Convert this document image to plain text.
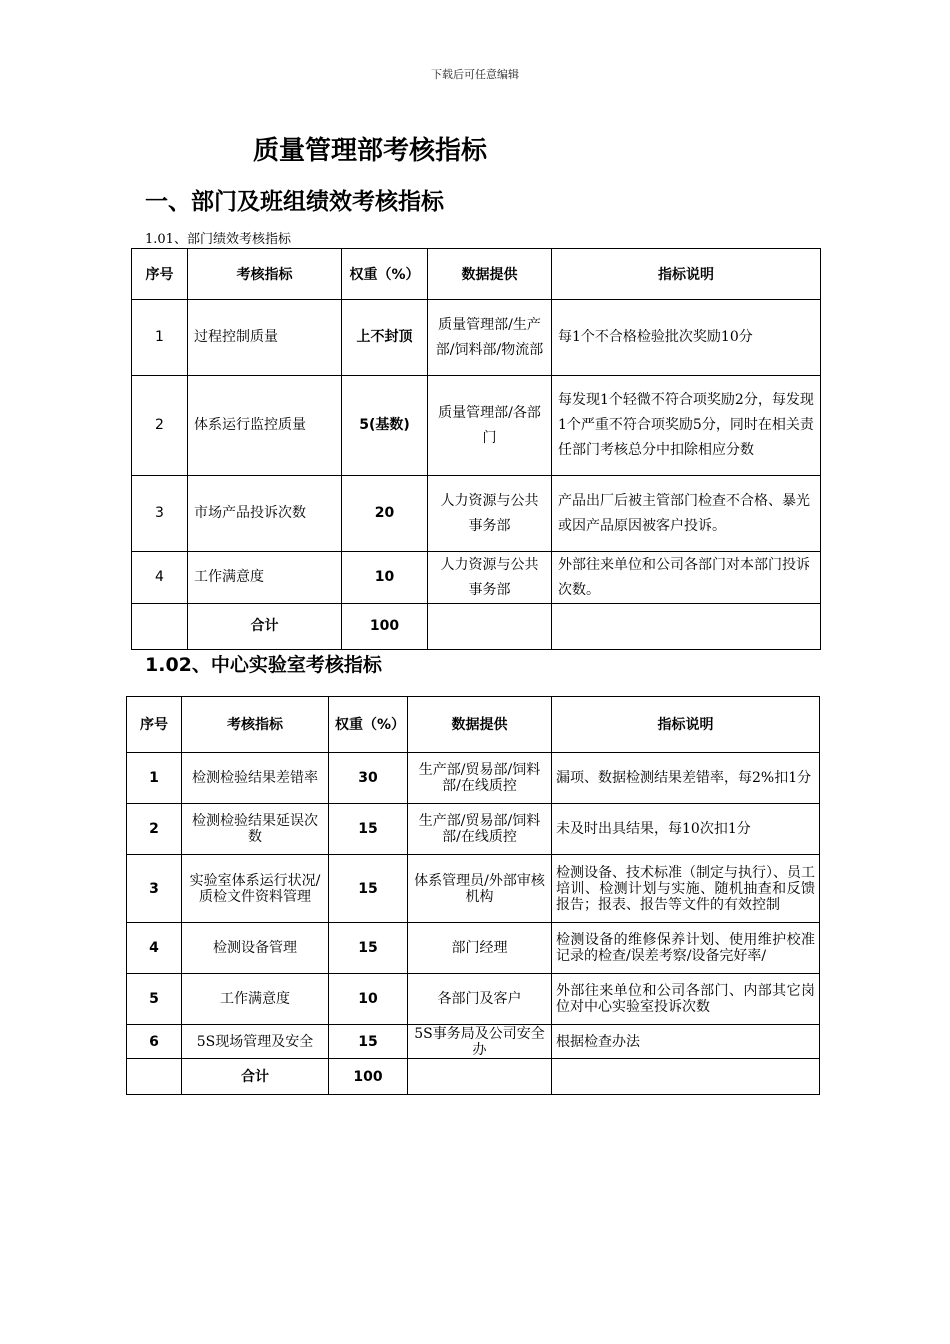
下载后可任意编辑
质量管理部考核指标
一、部门及班组绩效考核指标
1.01、部门绩效考核指标
序号	考核指标	权重（%）	数据提供	指标说明
1	过程控制质量	上不封顶	质量管理部/生产部/饲料部/物流部	每1个不合格检验批次奖励10分
2	体系运行监控质量	5(基数)	质量管理部/各部门	每发现1个轻微不符合项奖励2分，每发现1个严重不符合项奖励5分，同时在相关责任部门考核总分中扣除相应分数
3	市场产品投诉次数	20	人力资源与公共事务部	产品出厂后被主管部门检查不合格、暴光或因产品原因被客户投诉。
4	工作满意度	10	人力资源与公共事务部	外部往来单位和公司各部门对本部门投诉次数。
	合计	100		
1.02、中心实验室考核指标
序号	考核指标	权重（%）	数据提供	指标说明
1	检测检验结果差错率	30	生产部/贸易部/饲料部/在线质控	漏项、数据检测结果差错率，每2%扣1分
2	检测检验结果延误次数	15	生产部/贸易部/饲料部/在线质控	未及时出具结果，每10次扣1分
3	实验室体系运行状况/质检文件资料管理	15	体系管理员/外部审核机构	检测设备、技术标准（制定与执行）、员工培训、检测计划与实施、随机抽查和反馈报告；报表、报告等文件的有效控制
4	检测设备管理	15	部门经理	检测设备的维修保养计划、使用维护校准记录的检查/误差考察/设备完好率/
5	工作满意度	10	各部门及客户	外部往来单位和公司各部门、内部其它岗位对中心实验室投诉次数
6	5S现场管理及安全	15	5S事务局及公司安全办	根据检查办法
	合计	100		
